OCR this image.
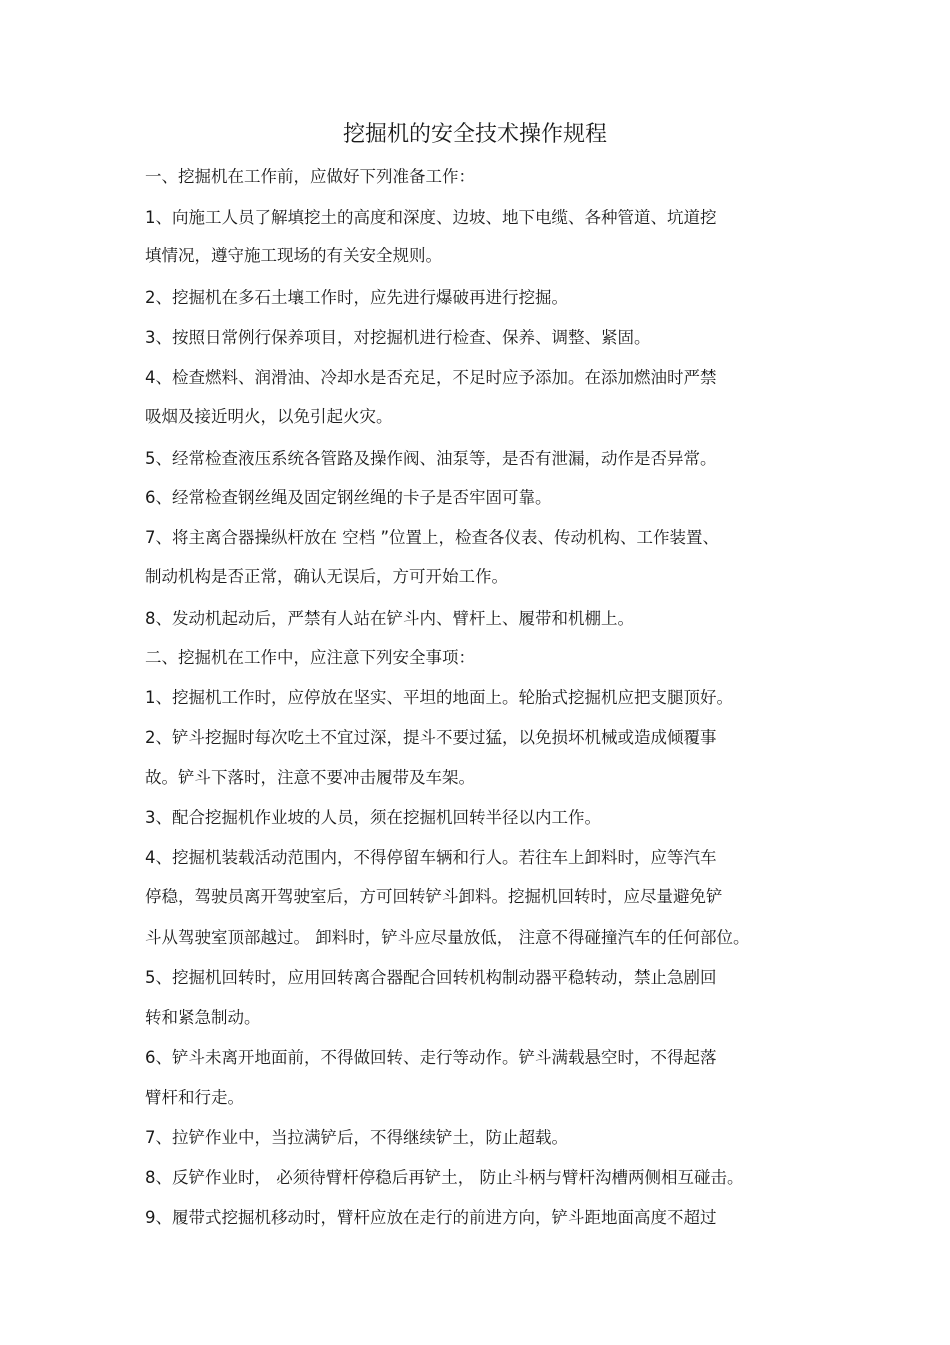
挖掘机的安全技术操作规程
一、挖掘机在工作前，应做好下列准备工作：
1、向施工人员了解填挖土的高度和深度、边坡、地下电缆、各种管道、坑道挖
填情况，遵守施工现场的有关安全规则。
2、挖掘机在多石土壤工作时，应先进行爆破再进行挖掘。
3、按照日常例行保养项目，对挖掘机进行检查、保养、调整、紧固。
4、检查燃料、润滑油、冷却水是否充足，不足时应予添加。在添加燃油时严禁
吸烟及接近明火，以免引起火灾。
5、经常检查液压系统各管路及操作阀、油泵等，是否有泄漏，动作是否异常。
6、经常检查钢丝绳及固定钢丝绳的卡子是否牢固可靠。
7、将主离合器操纵杆放在 空档 ”位置上，检查各仪表、传动机构、工作装置、
制动机构是否正常，确认无误后，方可开始工作。
8、发动机起动后，严禁有人站在铲斗内、臂杆上、履带和机棚上。
二、挖掘机在工作中，应注意下列安全事项：
1、挖掘机工作时，应停放在坚实、平坦的地面上。轮胎式挖掘机应把支腿顶好。
2、铲斗挖掘时每次吃土不宜过深，提斗不要过猛，以免损坏机械或造成倾覆事
故。铲斗下落时，注意不要冲击履带及车架。
3、配合挖掘机作业坡的人员，须在挖掘机回转半径以内工作。
4、挖掘机装载活动范围内，不得停留车辆和行人。若往车上卸料时，应等汽车
停稳，驾驶员离开驾驶室后，方可回转铲斗卸料。挖掘机回转时，应尽量避免铲
斗从驾驶室顶部越过。 卸料时，铲斗应尽量放低， 注意不得碰撞汽车的任何部位。
5、挖掘机回转时，应用回转离合器配合回转机构制动器平稳转动，禁止急剧回
转和紧急制动。
6、铲斗未离开地面前，不得做回转、走行等动作。铲斗满载悬空时，不得起落
臂杆和行走。
7、拉铲作业中，当拉满铲后，不得继续铲土，防止超载。
8、反铲作业时， 必须待臂杆停稳后再铲土， 防止斗柄与臂杆沟槽两侧相互碰击。
9、履带式挖掘机移动时，臂杆应放在走行的前进方向，铲斗距地面高度不超过
